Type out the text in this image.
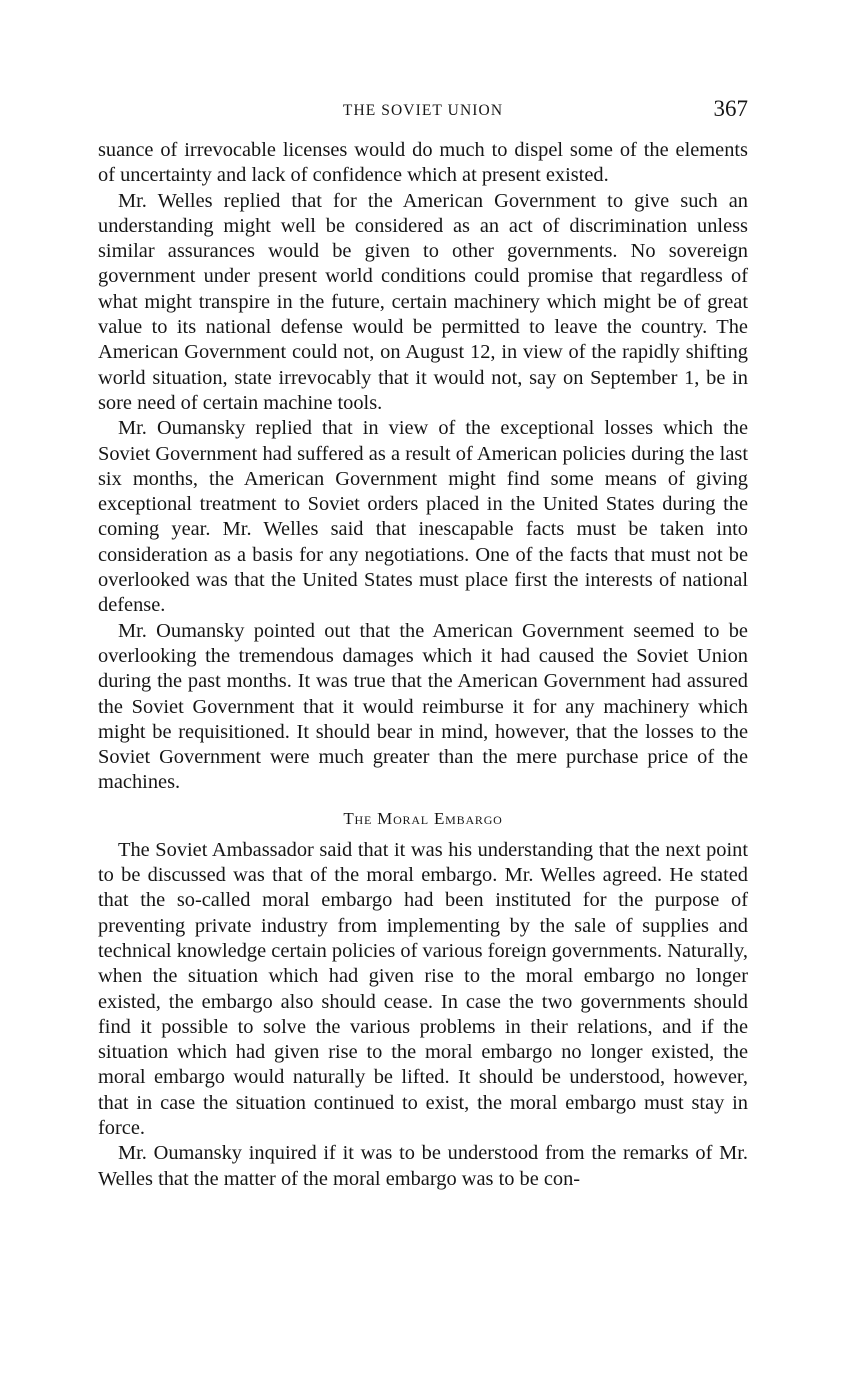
THE SOVIET UNION	367

suance of irrevocable licenses would do much to dispel some of the elements of uncertainty and lack of confidence which at present existed.

Mr. Welles replied that for the American Government to give such an understanding might well be considered as an act of discrimination unless similar assurances would be given to other governments. No sovereign government under present world conditions could promise that regardless of what might transpire in the future, certain machinery which might be of great value to its national defense would be permitted to leave the country. The American Government could not, on August 12, in view of the rapidly shifting world situation, state irrevocably that it would not, say on September 1, be in sore need of certain machine tools.

Mr. Oumansky replied that in view of the exceptional losses which the Soviet Government had suffered as a result of American policies during the last six months, the American Government might find some means of giving exceptional treatment to Soviet orders placed in the United States during the coming year. Mr. Welles said that inescapable facts must be taken into consideration as a basis for any negotiations. One of the facts that must not be overlooked was that the United States must place first the interests of national defense.

Mr. Oumansky pointed out that the American Government seemed to be overlooking the tremendous damages which it had caused the Soviet Union during the past months. It was true that the American Government had assured the Soviet Government that it would reimburse it for any machinery which might be requisitioned. It should bear in mind, however, that the losses to the Soviet Government were much greater than the mere purchase price of the machines.

The Moral Embargo

The Soviet Ambassador said that it was his understanding that the next point to be discussed was that of the moral embargo. Mr. Welles agreed. He stated that the so-called moral embargo had been instituted for the purpose of preventing private industry from implementing by the sale of supplies and technical knowledge certain policies of various foreign governments. Naturally, when the situation which had given rise to the moral embargo no longer existed, the embargo also should cease. In case the two governments should find it possible to solve the various problems in their relations, and if the situation which had given rise to the moral embargo no longer existed, the moral embargo would naturally be lifted. It should be understood, however, that in case the situation continued to exist, the moral embargo must stay in force.

Mr. Oumansky inquired if it was to be understood from the remarks of Mr. Welles that the matter of the moral embargo was to be con-
